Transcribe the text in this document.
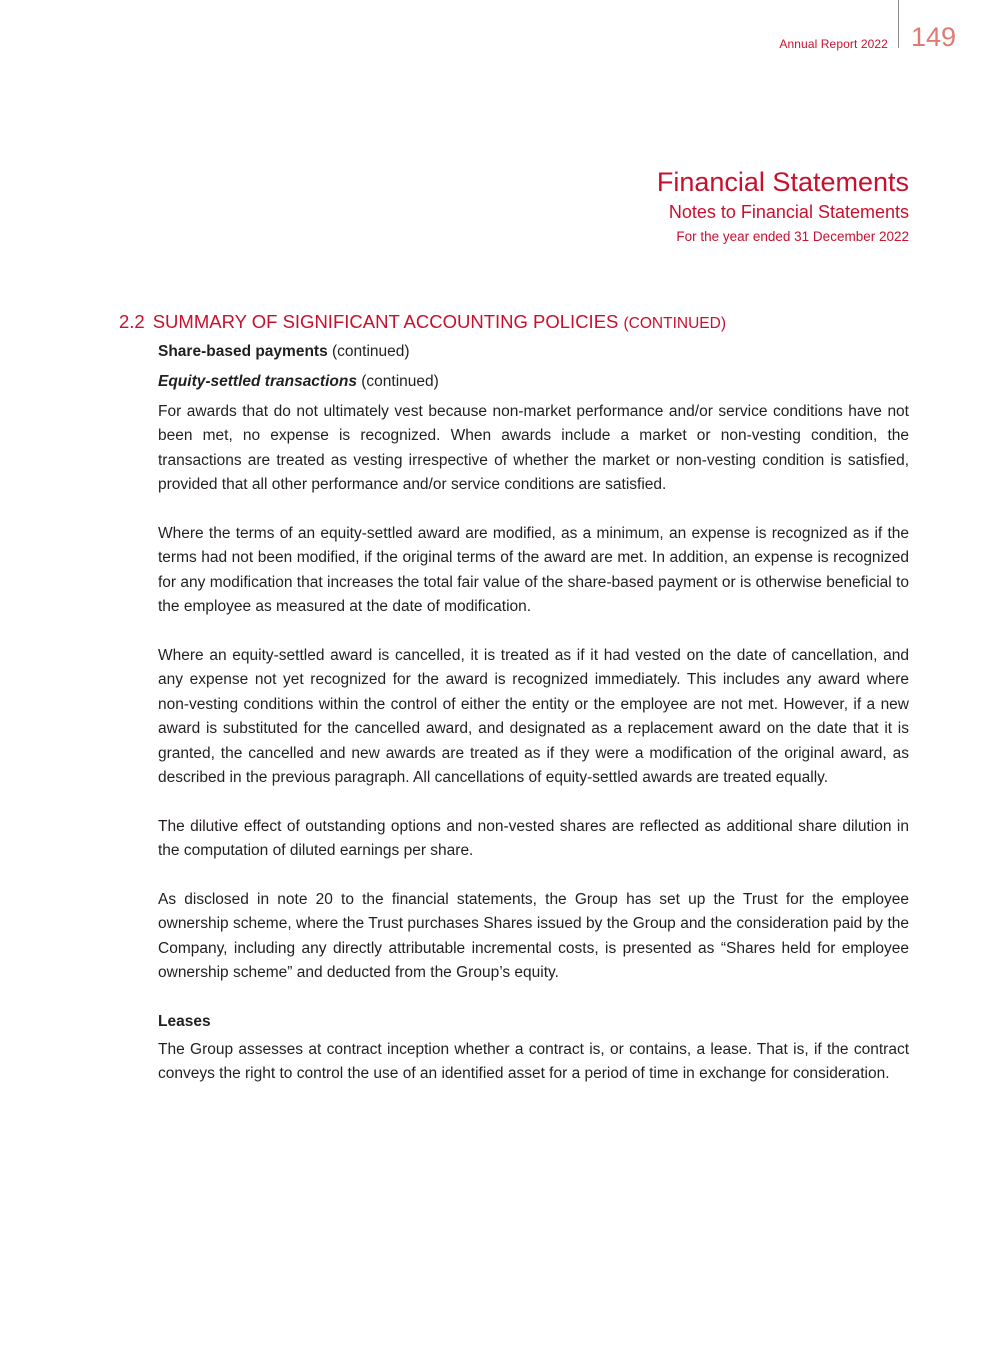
Annual Report 2022 149
Financial Statements
Notes to Financial Statements
For the year ended 31 December 2022
2.2 SUMMARY OF SIGNIFICANT ACCOUNTING POLICIES (CONTINUED)

Share-based payments (continued)

Equity-settled transactions (continued)

For awards that do not ultimately vest because non-market performance and/or service conditions have not been met, no expense is recognized. When awards include a market or non-vesting condition, the transactions are treated as vesting irrespective of whether the market or non-vesting condition is satisfied, provided that all other performance and/or service conditions are satisfied.

Where the terms of an equity-settled award are modified, as a minimum, an expense is recognized as if the terms had not been modified, if the original terms of the award are met. In addition, an expense is recognized for any modification that increases the total fair value of the share-based payment or is otherwise beneficial to the employee as measured at the date of modification.

Where an equity-settled award is cancelled, it is treated as if it had vested on the date of cancellation, and any expense not yet recognized for the award is recognized immediately. This includes any award where non-vesting conditions within the control of either the entity or the employee are not met. However, if a new award is substituted for the cancelled award, and designated as a replacement award on the date that it is granted, the cancelled and new awards are treated as if they were a modification of the original award, as described in the previous paragraph. All cancellations of equity-settled awards are treated equally.

The dilutive effect of outstanding options and non-vested shares are reflected as additional share dilution in the computation of diluted earnings per share.

As disclosed in note 20 to the financial statements, the Group has set up the Trust for the employee ownership scheme, where the Trust purchases Shares issued by the Group and the consideration paid by the Company, including any directly attributable incremental costs, is presented as “Shares held for employee ownership scheme” and deducted from the Group’s equity.

Leases

The Group assesses at contract inception whether a contract is, or contains, a lease. That is, if the contract conveys the right to control the use of an identified asset for a period of time in exchange for consideration.
